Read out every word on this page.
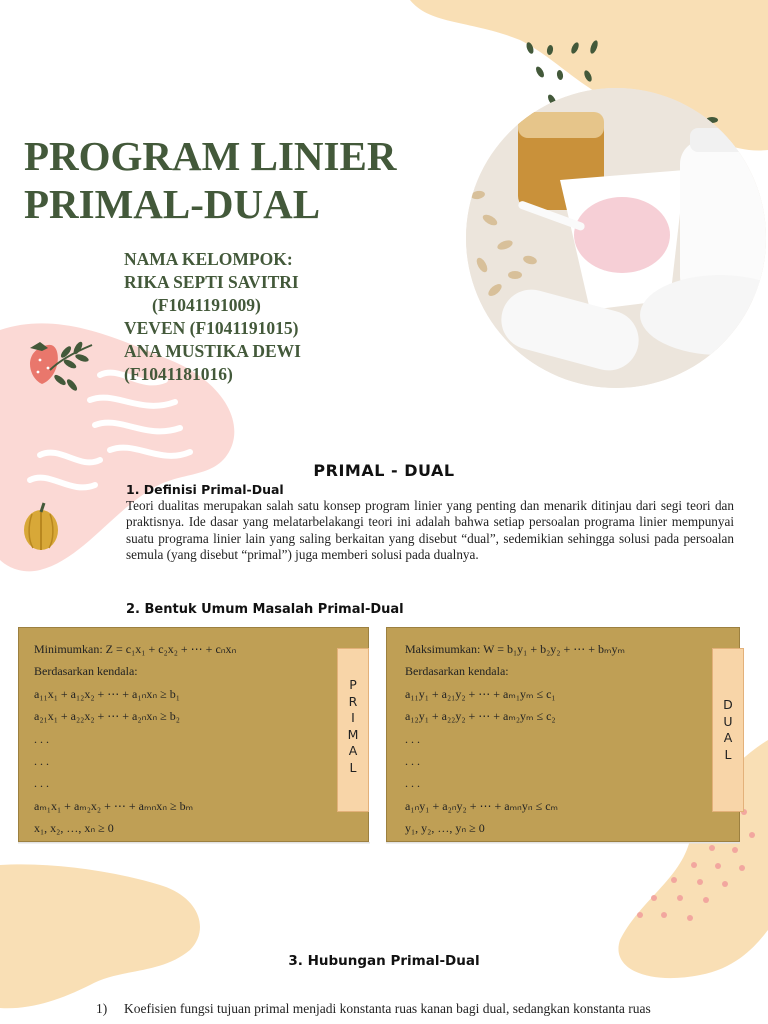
PROGRAM LINIER
PRIMAL-DUAL
NAMA KELOMPOK:
RIKA SEPTI SAVITRI
(F1041191009)
VEVEN (F1041191015)
ANA MUSTIKA DEWI
(F1041181016)
PRIMAL - DUAL
1. Definisi Primal-Dual
Teori dualitas merupakan salah satu konsep program linier yang penting dan menarik ditinjau dari segi teori dan praktisnya. Ide dasar yang melatarbelakangi teori ini adalah bahwa setiap persoalan programa linier mempunyai suatu programa linier lain yang saling berkaitan yang disebut “dual”, sedemikian sehingga solusi pada persoalan semula (yang disebut “primal”) juga memberi solusi pada dualnya.
2. Bentuk Umum Masalah Primal-Dual
Minimumkan: Z = c₁x₁ + c₂x₂ + ⋯ + cₙxₙ
Berdasarkan kendala:
a₁₁x₁ + a₁₂x₂ + ⋯ + a₁ₙxₙ ≥ b₁
a₂₁x₁ + a₂₂x₂ + ⋯ + a₂ₙxₙ ≥ b₂
. . .
. . .
. . .
aₘ₁x₁ + aₘ₂x₂ + ⋯ + aₘₙxₙ ≥ bₘ
x₁, x₂, …, xₙ ≥ 0
P
R
I
M
A
L
Maksimumkan: W = b₁y₁ + b₂y₂ + ⋯ + bₘyₘ
Berdasarkan kendala:
a₁₁y₁ + a₂₁y₂ + ⋯ + aₘ₁yₘ ≤ c₁
a₁₂y₁ + a₂₂y₂ + ⋯ + aₘ₂yₘ ≤ c₂
. . .
. . .
. . .
a₁ₙy₁ + a₂ₙy₂ + ⋯ + aₘₙyₙ ≤ cₘ
y₁, y₂, …, yₙ ≥ 0
D
U
A
L
3. Hubungan Primal-Dual
1) Koefisien fungsi tujuan primal menjadi konstanta ruas kanan bagi dual, sedangkan konstanta ruas
